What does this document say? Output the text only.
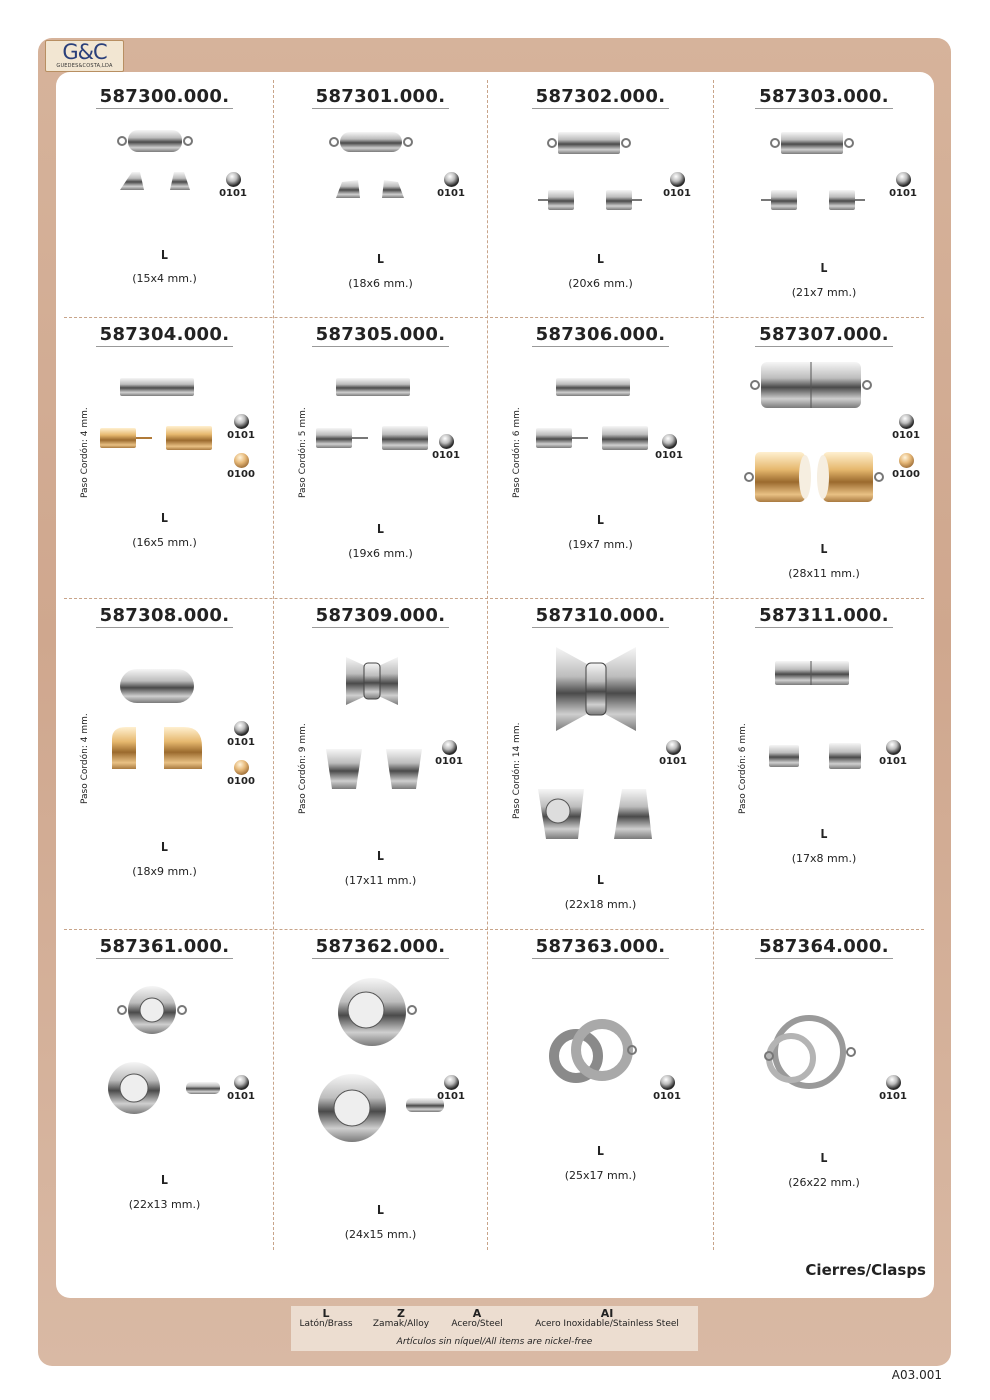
G&C
GUEDES&COSTA,LDA
587300.000.
0101
L
(15x4 mm.)
587301.000.
0101
L
(18x6 mm.)
587302.000.
0101
L
(20x6 mm.)
587303.000.
0101
L
(21x7 mm.)
587304.000.
0101
0100
L
(16x5 mm.)
Paso Cordón: 4 mm.
587305.000.
0101
L
(19x6 mm.)
Paso Cordón: 5 mm.
587306.000.
0101
L
(19x7 mm.)
Paso Cordón: 6 mm.
587307.000.
0101
0100
L
(28x11 mm.)
587308.000.
0101
0100
L
(18x9 mm.)
Paso Cordón: 4 mm.
587309.000.
0101
L
(17x11 mm.)
Paso Cordón: 9 mm.
587310.000.
0101
L
(22x18 mm.)
Paso Cordón: 14 mm.
587311.000.
0101
L
(17x8 mm.)
Paso Cordón: 6 mm.
587361.000.
0101
L
(22x13 mm.)
587362.000.
0101
L
(24x15 mm.)
587363.000.
0101
L
(25x17 mm.)
587364.000.
0101
L
(26x22 mm.)
Cierres/Clasps
L
Latón/Brass
Z
Zamak/Alloy
A
Acero/Steel
AI
Acero Inoxidable/Stainless Steel
Artículos sin níquel/All items are nickel-free
A03.001
